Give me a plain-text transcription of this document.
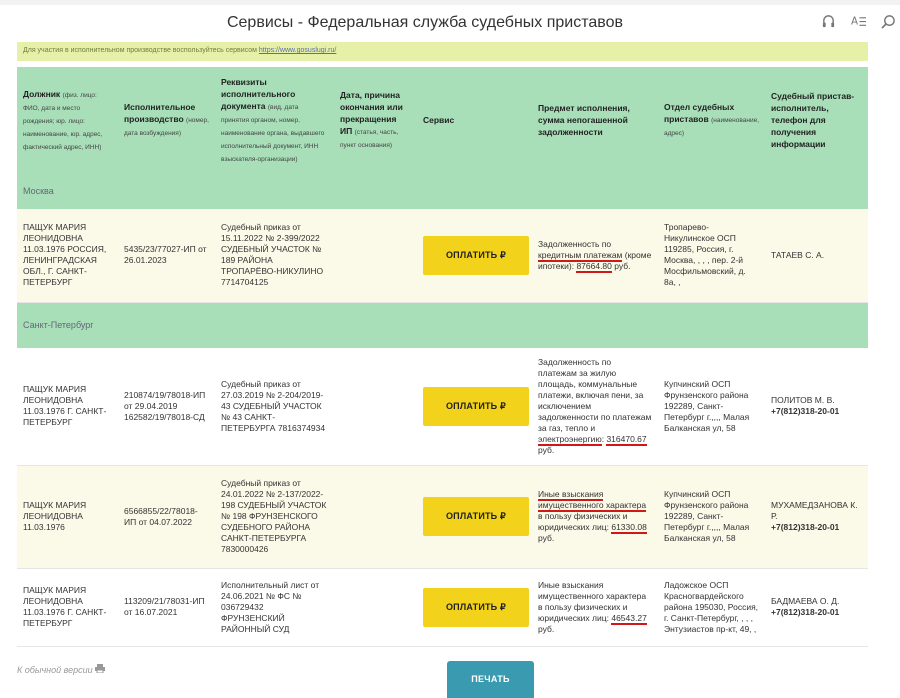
Сервисы - Федеральная служба судебных приставов	A
Для участия в исполнительном производстве воспользуйтесь сервисом https://www.gosuslugi.ru/
Должник (физ. лицо: ФИО, дата и место рождения; юр. лицо: наименование, юр. адрес, фактический адрес, ИНН)	Исполнительное производство (номер, дата возбуждения)	Реквизиты исполнительного документа (вид, дата принятия органом, номер, наименование органа, выдавшего исполнительный документ, ИНН взыскателя-организации)	Дата, причина окончания или прекращения ИП (статья, часть, пункт основания)	Сервис	Предмет исполнения, сумма непогашенной задолженности	Отдел судебных приставов (наименование, адрес)	Судебный пристав-исполнитель, телефон для получения информации
Москва							
ПАЩУК МАРИЯ ЛЕОНИДОВНА 11.03.1976 РОССИЯ, ЛЕНИНГРАДСКАЯ ОБЛ., Г. САНКТ-ПЕТЕРБУРГ	5435/23/77027-ИП от 26.01.2023	Судебный приказ от 15.11.2022 № 2-399/2022 СУДЕБНЫЙ УЧАСТОК № 189 РАЙОНА ТРОПАРЁВО-НИКУЛИНО 7714704125		ОПЛАТИТЬ ₽	Задолженность по кредитным платежам (кроме ипотеки): 87664.80 руб.	Тропарево-Никулинское ОСП 119285, Россия, г. Москва, , , , пер. 2-й Мосфильмовский, д. 8а, ,	ТАТАЕВ С. А.

Санкт-Петербург							
ПАЩУК МАРИЯ ЛЕОНИДОВНА 11.03.1976 Г. САНКТ-ПЕТЕРБУРГ	210874/19/78018-ИП от 29.04.2019 162582/19/78018-СД	Судебный приказ от 27.03.2019 № 2-204/2019-43 СУДЕБНЫЙ УЧАСТОК № 43 САНКТ-ПЕТЕРБУРГА 7816374934		ОПЛАТИТЬ ₽	Задолженность по платежам за жилую площадь, коммунальные платежи, включая пени, за исключением задолженности по платежам за газ, тепло и электроэнергию: 316470.67 руб.	Купчинский ОСП Фрунзенского района 192289, Санкт-Петербург г.,,,, Малая Балканская ул, 58	ПОЛИТОВ М. В.
+7(812)318-20-01
ПАЩУК МАРИЯ ЛЕОНИДОВНА 11.03.1976	6566855/22/78018-ИП от 04.07.2022	Судебный приказ от 24.01.2022 № 2-137/2022-198 СУДЕБНЫЙ УЧАСТОК № 198 ФРУНЗЕНСКОГО СУДЕБНОГО РАЙОНА САНКТ-ПЕТЕРБУРГА 7830000426		ОПЛАТИТЬ ₽	Иные взыскания имущественного характера в пользу физических и юридических лиц: 61330.08 руб.	Купчинский ОСП Фрунзенского района 192289, Санкт-Петербург г.,,,, Малая Балканская ул, 58	МУХАМЕДЗАНОВА К. Р.
+7(812)318-20-01
ПАЩУК МАРИЯ ЛЕОНИДОВНА 11.03.1976 Г. САНКТ-ПЕТЕРБУРГ	113209/21/78031-ИП от 16.07.2021	Исполнительный лист от 24.06.2021 № ФС № 036729432 ФРУНЗЕНСКИЙ РАЙОННЫЙ СУД		ОПЛАТИТЬ ₽	Иные взыскания имущественного характера в пользу физических и юридических лиц: 46543.27 руб.	Ладожское ОСП Красногвардейского района 195030, Россия, г. Санкт-Петербург, , , , Энтузиастов пр-кт, 49, ,	БАДМАЕВА О. Д.
+7(812)318-20-01
К обычной версии
ПЕЧАТЬ
